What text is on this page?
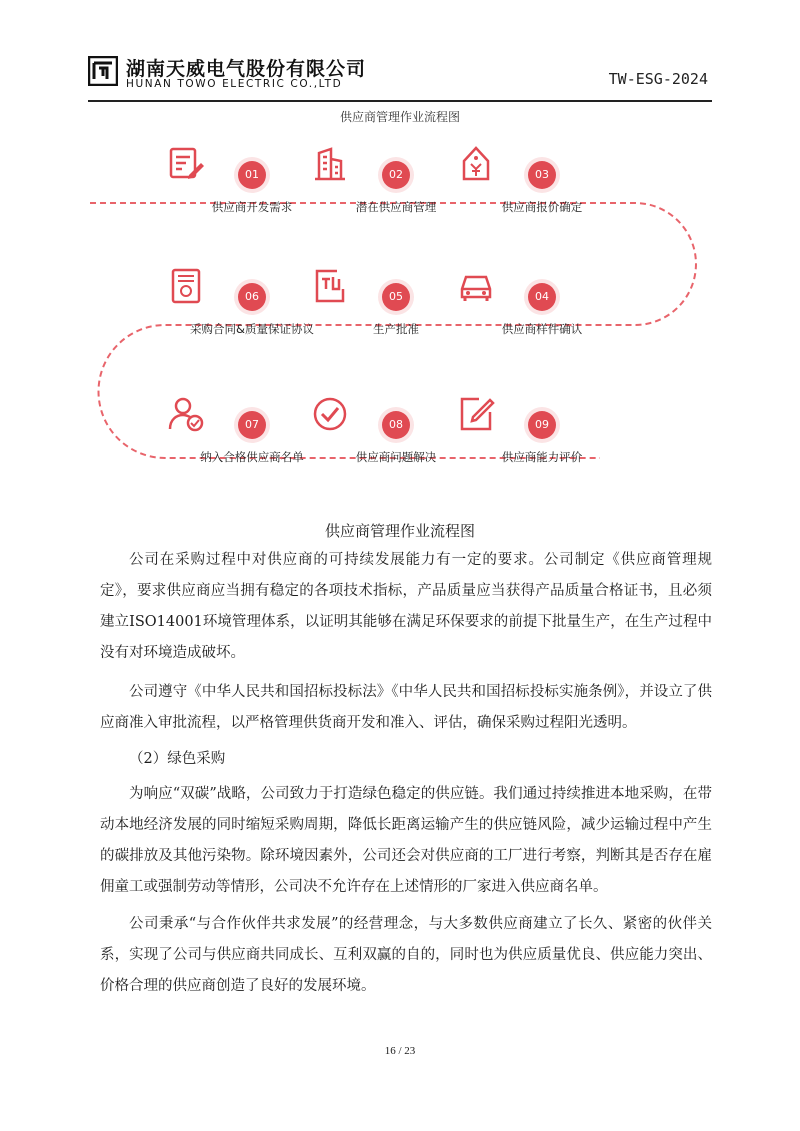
湖南天威电气股份有限公司
HUNAN TOWO ELECTRIC CO.,LTD	TW-ESG-2024
供应商管理作业流程图
01
供应商开发需求
02
潜在供应商管理
03
供应商报价确定
04
供应商样件确认
05
生产批准
06
采购合同&质量保证协议
07
纳入合格供应商名单
08
供应商问题解决
09
供应商能力评价
供应商管理作业流程图

公司在采购过程中对供应商的可持续发展能力有一定的要求。公司制定《供应商管理规定》，要求供应商应当拥有稳定的各项技术指标，产品质量应当获得产品质量合格证书，且必须建立ISO14001环境管理体系，以证明其能够在满足环保要求的前提下批量生产，在生产过程中没有对环境造成破坏。

公司遵守《中华人民共和国招标投标法》《中华人民共和国招标投标实施条例》，并设立了供应商准入审批流程，以严格管理供货商开发和准入、评估，确保采购过程阳光透明。

（2）绿色采购

为响应“双碳”战略，公司致力于打造绿色稳定的供应链。我们通过持续推进本地采购，在带动本地经济发展的同时缩短采购周期，降低长距离运输产生的供应链风险，减少运输过程中产生的碳排放及其他污染物。除环境因素外，公司还会对供应商的工厂进行考察，判断其是否存在雇佣童工或强制劳动等情形，公司决不允许存在上述情形的厂家进入供应商名单。

公司秉承“与合作伙伴共求发展”的经营理念，与大多数供应商建立了长久、紧密的伙伴关系，实现了公司与供应商共同成长、互利双赢的自的，同时也为供应质量优良、供应能力突出、价格合理的供应商创造了良好的发展环境。

16 / 23
